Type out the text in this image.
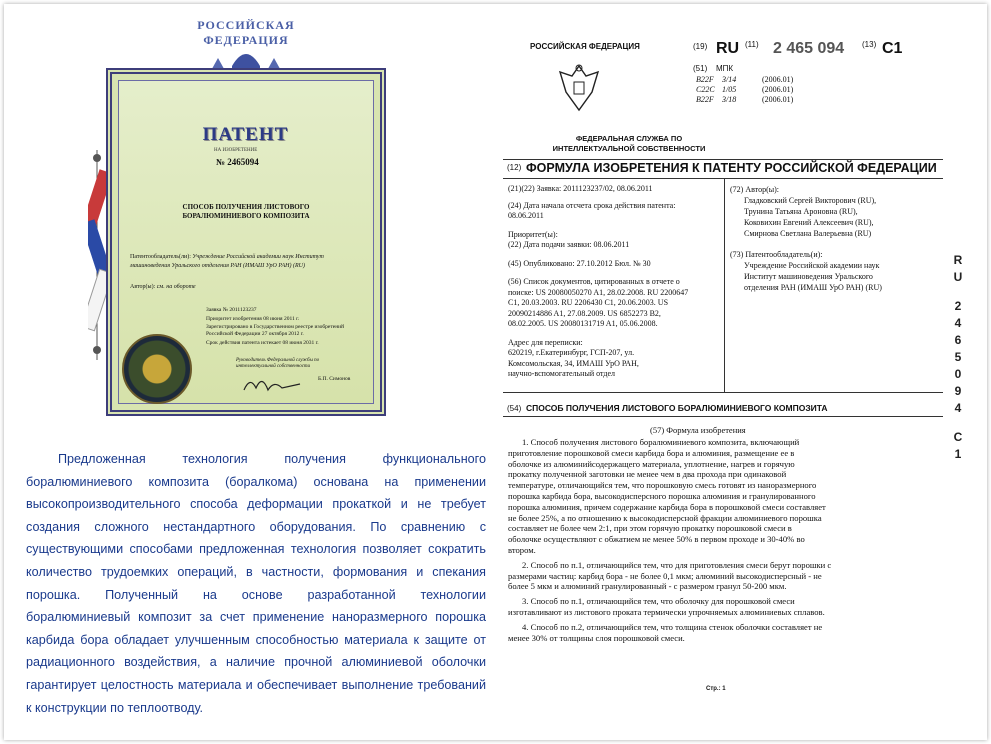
РОССИЙСКАЯ ФЕДЕРАЦИЯ
ПАТЕНТ
НА ИЗОБРЕТЕНИЕ
№ 2465094
СПОСОБ ПОЛУЧЕНИЯ ЛИСТОВОГО БОРАЛЮМИНИЕВОГО КОМПОЗИТА
Патентообладатель(ли): Учреждение Российской академии наук Институт машиноведения Уральского отделения РАН (ИМАШ УрО РАН) (RU)
Автор(ы): см. на обороте
Заявка № 2011123237
Приоритет изобретения 08 июня 2011 г.
Зарегистрировано в Государственном реестре изобретений Российской Федерации 27 октября 2012 г.
Срок действия патента истекает 08 июня 2031 г.
Руководитель Федеральной службы по интеллектуальной собственности
Б.П. Симонов
РОССИЙСКАЯ ФЕДЕРАЦИЯ
ФЕДЕРАЛЬНАЯ СЛУЖБА ПО ИНТЕЛЛЕКТУАЛЬНОЙ СОБСТВЕННОСТИ
(19) RU (11) 2 465 094 (13) C1
(51) МПК
B22F 3/14	(2006.01)
C22C 1/05	(2006.01)
B22F 3/18	(2006.01)
(12) ФОРМУЛА ИЗОБРЕТЕНИЯ К ПАТЕНТУ РОССИЙСКОЙ ФЕДЕРАЦИИ
(21)(22) Заявка: 2011123237/02, 08.06.2011
(24) Дата начала отсчета срока действия патента:
08.06.2011
Приоритет(ы):
(22) Дата подачи заявки: 08.06.2011
(45) Опубликовано: 27.10.2012 Бюл. № 30
(56) Список документов, цитированных в отчете о
поиске: US 20080050270 A1, 28.02.2008. RU 2200647
C1, 20.03.2003. RU 2206430 C1, 20.06.2003. US
20090214886 A1, 27.08.2009. US 6852273 B2,
08.02.2005. US 20080131719 A1, 05.06.2008.
Адрес для переписки:
620219, г.Екатеринбург, ГСП-207, ул.
Комсомольская, 34, ИМАШ УрО РАН,
научно-вспомогательный отдел
(72) Автор(ы):
Гладковский Сергей Викторович (RU),
Трунина Татьяна Ароновна (RU),
Коковихин Евгений Алексеевич (RU),
Смирнова Светлана Валерьевна (RU)
(73) Патентообладатель(и):
Учреждение Российской академии наук
Институт машиноведения Уральского
отделения РАН (ИМАШ УрО РАН) (RU)
(54) СПОСОБ ПОЛУЧЕНИЯ ЛИСТОВОГО БОРАЛЮМИНИЕВОГО КОМПОЗИТА
(57) Формула изобретения
1. Способ получения листового боралюминиевого композита, включающий
приготовление порошковой смеси карбида бора и алюминия, размещение ее в
оболочке из алюминийсодержащего материала, уплотнение, нагрев и горячую
прокатку полученной заготовки не менее чем в два прохода при одинаковой
температуре, отличающийся тем, что порошковую смесь готовят из наноразмерного
порошка карбида бора, высокодисперсного порошка алюминия и гранулированного
порошка алюминия, причем содержание карбида бора в порошковой смеси составляет
не более 25%, а по отношению к высокодисперсной фракции алюминиевого порошка
составляет не более чем 2:1, при этом горячую прокатку порошковой смеси в
оболочке осуществляют с обжатием не менее 50% в первом проходе и 30-40% во
втором.
2. Способ по п.1, отличающийся тем, что для приготовления смеси берут порошки с
размерами частиц: карбид бора - не более 0,1 мкм; алюминий высокодисперсный - не
более 5 мкм и алюминий гранулированный - с размером гранул 50-200 мкм.
3. Способ по п.1, отличающийся тем, что оболочку для порошковой смеси
изготавливают из листового проката термически упрочняемых алюминиевых сплавов.
4. Способ по п.2, отличающийся тем, что толщина стенок оболочки составляет не
менее 30% от толщины слоя порошковой смеси.
Стр.: 1
R
U
2
4
6
5
0
9
4
C
1
Предложенная технология получения функционального боралюминиевого композита (боралкома) основана на применении высокопроизводительного способа деформации прокаткой и не требует создания сложного нестандартного оборудования. По сравнению с существующими способами предложенная технология позволяет сократить количество трудоемких операций, в частности, формования и спекания порошка. Полученный на основе разработанной технологии боралюминиевый композит за счет применение наноразмерного порошка карбида бора обладает улучшенным способностью материала к защите от радиационного воздействия, а наличие прочной алюминиевой оболочки гарантирует целостность материала и обеспечивает выполнение требований к конструкции по теплоотводу.
